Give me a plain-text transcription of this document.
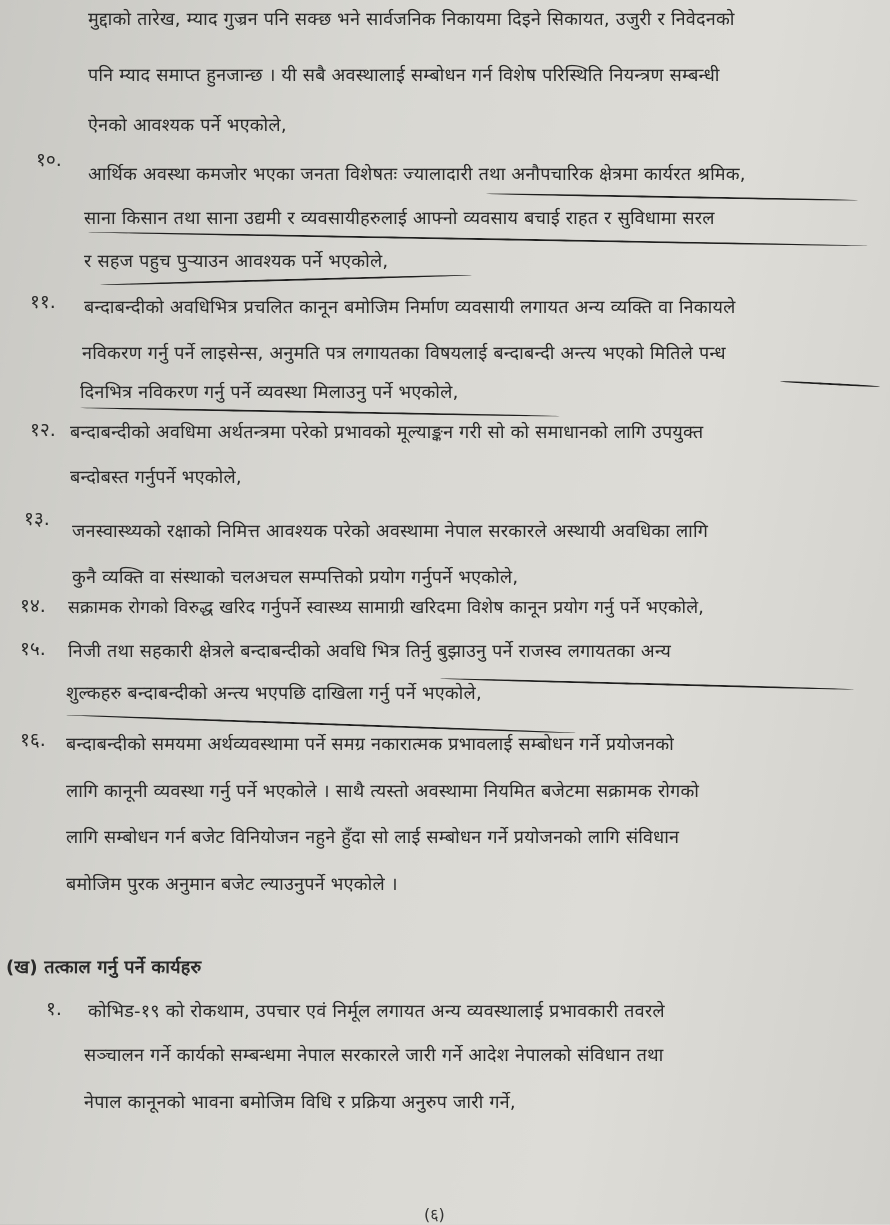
मुद्दाको तारेख, म्याद गुज्रन पनि सक्छ भने सार्वजनिक निकायमा दिइने सिकायत, उजुरी र निवेदनको
पनि म्याद समाप्त हुनजान्छ । यी सबै अवस्थालाई सम्बोधन गर्न विशेष परिस्थिति नियन्त्रण सम्बन्धी
ऐनको आवश्यक पर्ने भएकोले,
१०.
आर्थिक अवस्था कमजोर भएका जनता विशेषतः ज्यालादारी तथा अनौपचारिक क्षेत्रमा कार्यरत श्रमिक,
साना किसान तथा साना उद्यमी र व्यवसायीहरुलाई आफ्नो व्यवसाय बचाई राहत र सुविधामा सरल
र सहज पहुच पुर्‍याउन आवश्यक पर्ने भएकोले,
११. बन्दाबन्दीको अवधिभित्र प्रचलित कानून बमोजिम निर्माण व्यवसायी लगायत अन्य व्यक्ति वा निकायले
नविकरण गर्नु पर्ने लाइसेन्स, अनुमति पत्र लगायतका विषयलाई बन्दाबन्दी अन्त्य भएको मितिले पन्ध
दिनभित्र नविकरण गर्नु पर्ने व्यवस्था मिलाउनु पर्ने भएकोले,
१२. बन्दाबन्दीको अवधिमा अर्थतन्त्रमा परेको प्रभावको मूल्याङ्कन गरी सो को समाधानको लागि उपयुक्त
बन्दोबस्त गर्नुपर्ने भएकोले,
१३.
जनस्वास्थ्यको रक्षाको निमित्त आवश्यक परेको अवस्थामा नेपाल सरकारले अस्थायी अवधिका लागि
कुनै व्यक्ति वा संस्थाको चलअचल सम्पत्तिको प्रयोग गर्नुपर्ने भएकोले,
१४. सक्रामक रोगको विरुद्ध खरिद गर्नुपर्ने स्वास्थ्य सामाग्री खरिदमा विशेष कानून प्रयोग गर्नु पर्ने भएकोले,
१५. निजी तथा सहकारी क्षेत्रले बन्दाबन्दीको अवधि भित्र तिर्नु बुझाउनु पर्ने राजस्व लगायतका अन्य
शुल्कहरु बन्दाबन्दीको अन्त्य भएपछि दाखिला गर्नु पर्ने भएकोले,
१६. बन्दाबन्दीको समयमा अर्थव्यवस्थामा पर्ने समग्र नकारात्मक प्रभावलाई सम्बोधन गर्ने प्रयोजनको
लागि कानूनी व्यवस्था गर्नु पर्ने भएकोले । साथै त्यस्तो अवस्थामा नियमित बजेटमा सक्रामक रोगको
लागि सम्बोधन गर्न बजेट विनियोजन नहुने हुँदा सो लाई सम्बोधन गर्ने प्रयोजनको लागि संविधान
बमोजिम पुरक अनुमान बजेट ल्याउनुपर्ने भएकोले ।
(ख) तत्काल गर्नु पर्ने कार्यहरु
१. कोभिड-१९ को रोकथाम, उपचार एवं निर्मूल लगायत अन्य व्यवस्थालाई प्रभावकारी तवरले
सञ्चालन गर्ने कार्यको सम्बन्धमा नेपाल सरकारले जारी गर्ने आदेश नेपालको संविधान तथा
नेपाल कानूनको भावना बमोजिम विधि र प्रक्रिया अनुरुप जारी गर्ने,
(६)
